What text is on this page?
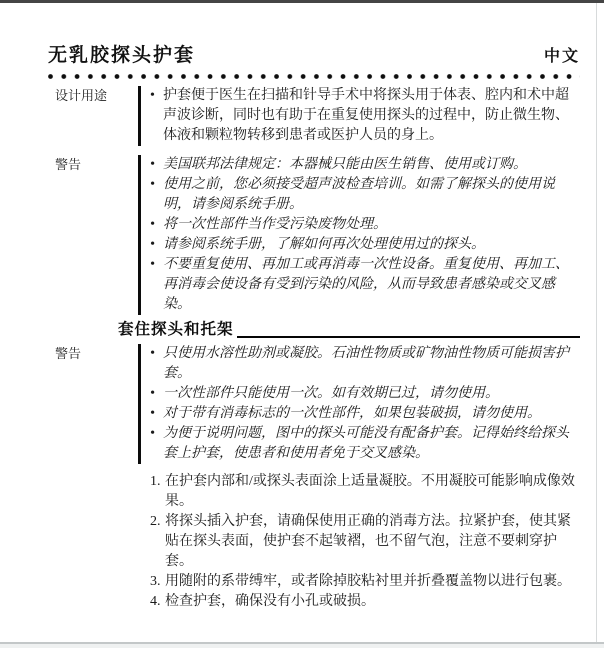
无乳胶探头护套	中文
设计用途	• 护套便于医生在扫描和针导手术中将探头用于体表、腔内和术中超声波诊断，同时也有助于在重复使用探头的过程中，防止微生物、体液和颗粒物转移到患者或医护人员的身上。
警告	• 美国联邦法律规定：本器械只能由医生销售、使用或订购。
• 使用之前，您必须接受超声波检查培训。如需了解探头的使用说明，请参阅系统手册。
• 将一次性部件当作受污染废物处理。
• 请参阅系统手册，了解如何再次处理使用过的探头。
• 不要重复使用、再加工或再消毒一次性设备。重复使用、再加工、再消毒会使设备有受到污染的风险，从而导致患者感染或交叉感染。
套住探头和托架
警告	• 只使用水溶性助剂或凝胶。石油性物质或矿物油性物质可能损害护套。
• 一次性部件只能使用一次。如有效期已过，请勿使用。
• 对于带有消毒标志的一次性部件，如果包装破损，请勿使用。
• 为便于说明问题，图中的探头可能没有配备护套。记得始终给探头套上护套，使患者和使用者免于交叉感染。
在护套内部和/或探头表面涂上适量凝胶。不用凝胶可能影响成像效果。
将探头插入护套，请确保使用正确的消毒方法。拉紧护套，使其紧贴在探头表面，使护套不起皱褶，也不留气泡，注意不要刺穿护套。
用随附的系带缚牢，或者除掉胶粘衬里并折叠覆盖物以进行包裹。
检查护套，确保没有小孔或破损。
